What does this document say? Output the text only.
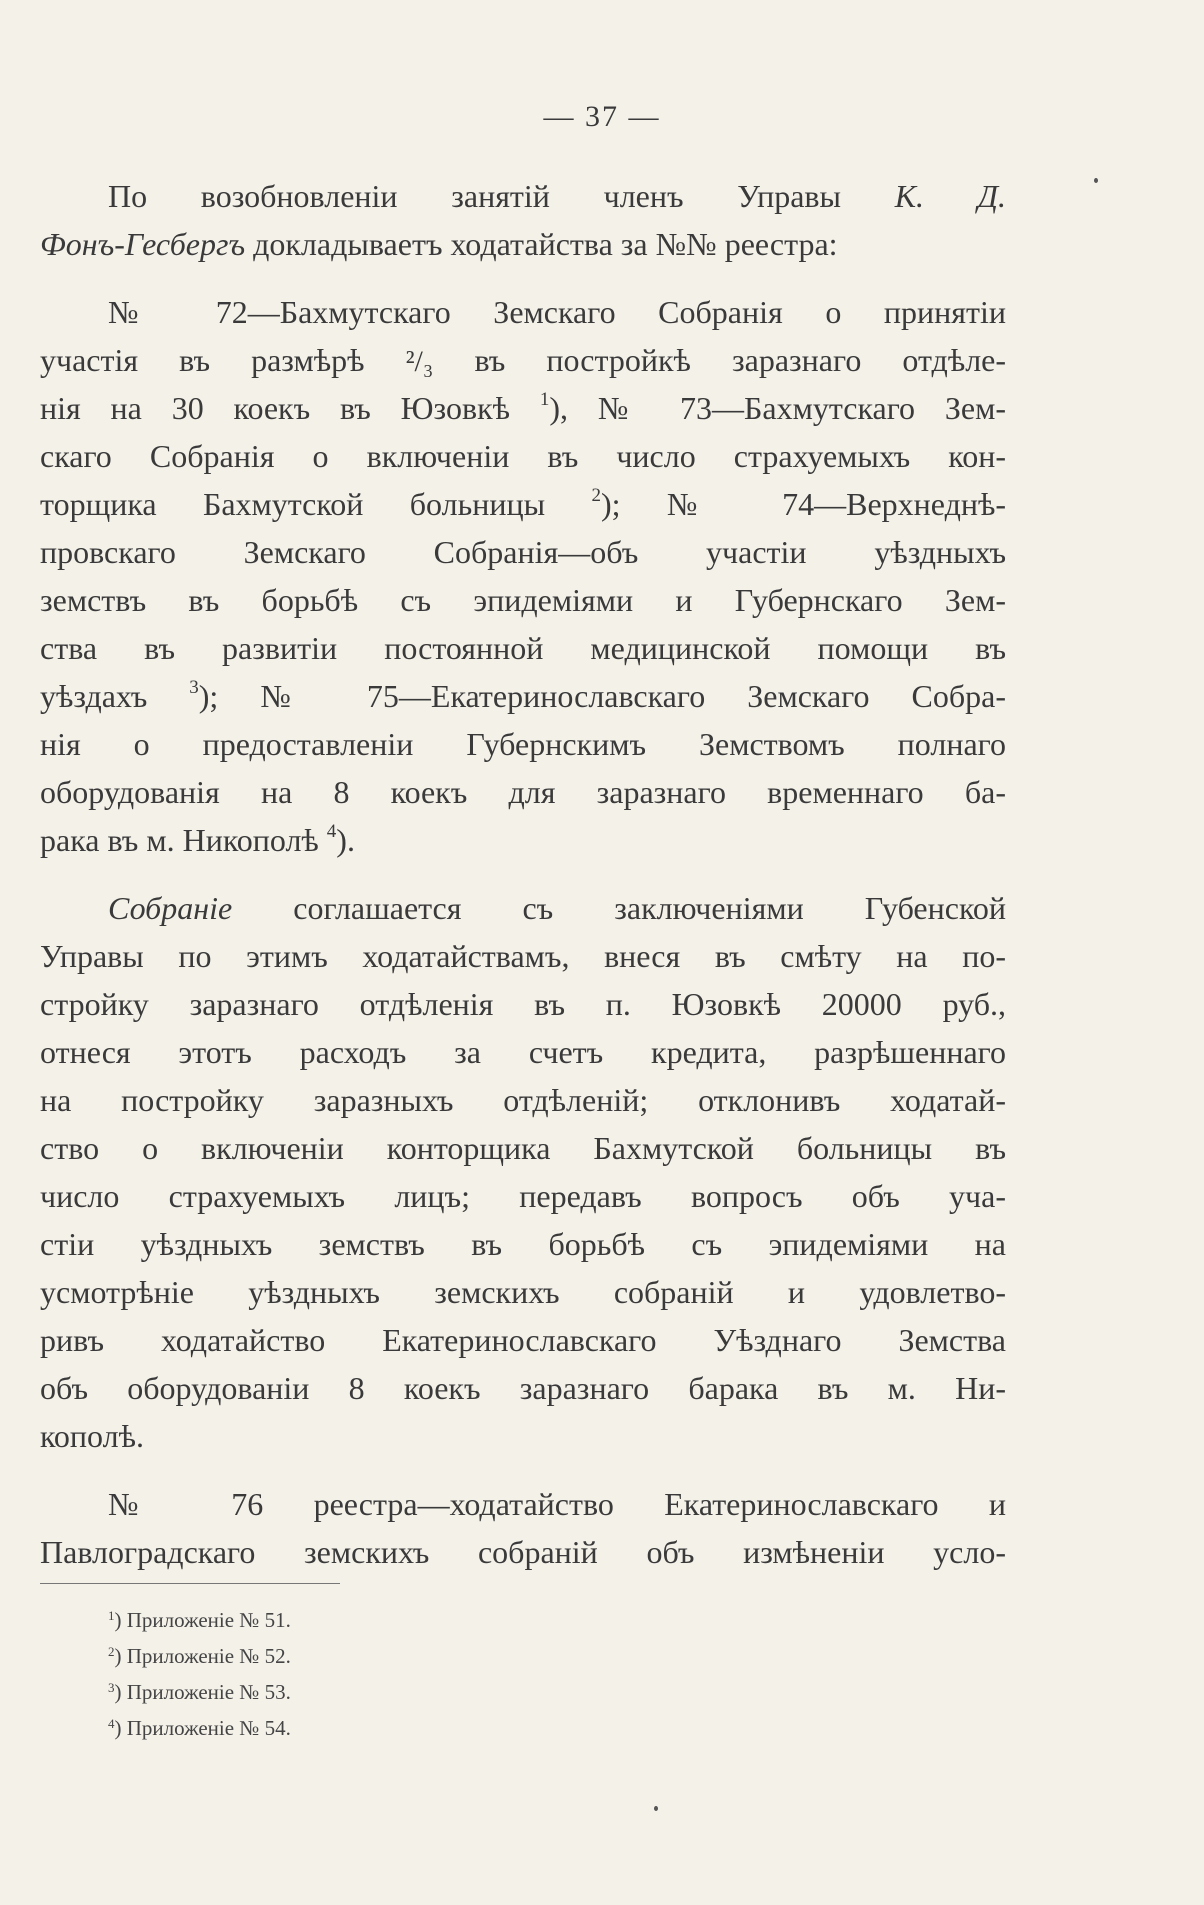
— 37 —
По возобновленіи занятій членъ Управы К. Д.
Фонъ-Гесбергъ докладываетъ ходатайства за №№ реестра:
№ 72—Бахмутскаго Земскаго Собранія о принятіи
участія въ размѣрѣ ²/₃ въ постройкѣ заразнаго отдѣле-
нія на 30 коекъ въ Юзовкѣ $^1$), № 73—Бахмутскаго Зем-
скаго Собранія о включеніи въ число страхуемыхъ кон-
торщика Бахмутской больницы $^2$); № 74—Верхнеднѣ-
провскаго Земскаго Собранія—объ участіи уѣздныхъ
земствъ въ борьбѣ съ эпидеміями и Губернскаго Зем-
ства въ развитіи постоянной медицинской помощи въ
уѣздахъ $^3$); № 75—Екатеринославскаго Земскаго Собра-
нія о предоставленіи Губернскимъ Земствомъ полнаго
оборудованія на 8 коекъ для заразнаго временнаго ба-
рака въ м. Никополѣ $^4$).
Собраніе соглашается съ заключеніями Губенской
Управы по этимъ ходатайствамъ, внеся въ смѣту на по-
стройку заразнаго отдѣленія въ п. Юзовкѣ 20000 руб.,
отнеся этотъ расходъ за счетъ кредита, разрѣшеннаго
на постройку заразныхъ отдѣленій; отклонивъ ходатай-
ство о включеніи конторщика Бахмутской больницы въ
число страхуемыхъ лицъ; передавъ вопросъ объ уча-
стіи уѣздныхъ земствъ въ борьбѣ съ эпидеміями на
усмотрѣніе уѣздныхъ земскихъ собраній и удовлетво-
ривъ ходатайство Екатеринославскаго Уѣзднаго Земства
объ оборудованіи 8 коекъ заразнаго барака въ м. Ни-
кополѣ.
№ 76 реестра—ходатайство Екатеринославскаго и
Павлоградскаго земскихъ собраній объ измѣненіи усло-
$^1$) Приложеніе № 51.
$^2$) Приложеніе № 52.
$^3$) Приложеніе № 53.
$^4$) Приложеніе № 54.
